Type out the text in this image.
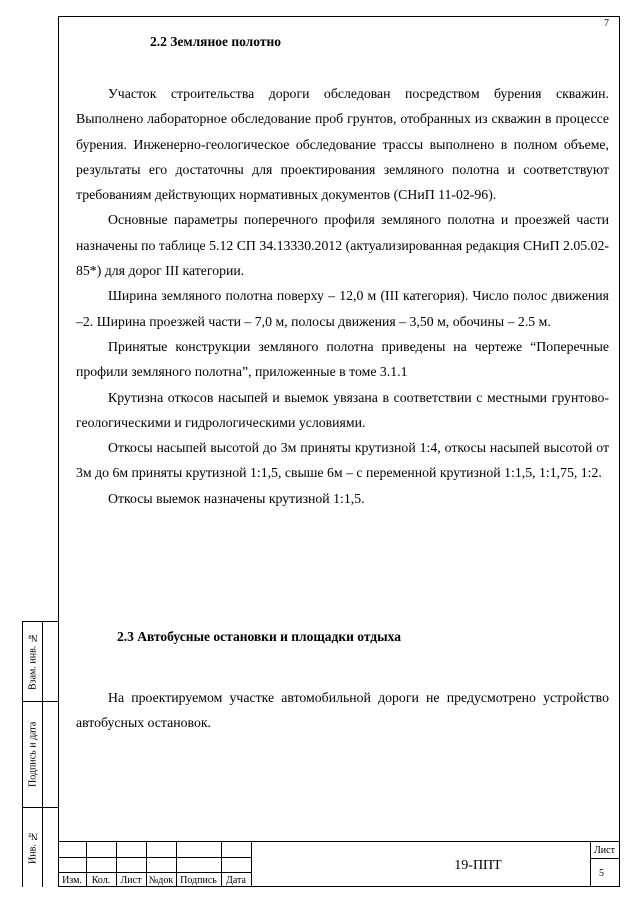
7
2.2 Земляное полотно

Участок строительства дороги обследован посредством бурения скважин. Выполнено лабораторное обследование проб грунтов, отобранных из скважин в процессе бурения. Инженерно-геологическое обследование трассы выполнено в полном объеме, результаты его достаточны для проектирования земляного полотна и соответствуют требованиям действующих нормативных документов (СНиП 11-02-96).

Основные параметры поперечного профиля земляного полотна и проезжей части назначены по таблице 5.12 СП 34.13330.2012 (актуализированная редакция СНиП 2.05.02-85*) для дорог III категории.

Ширина земляного полотна поверху – 12,0 м (III категория). Число полос движения –2. Ширина проезжей части – 7,0 м, полосы движения – 3,50 м, обочины – 2.5 м.

Принятые конструкции земляного полотна приведены на чертеже “Поперечные профили земляного полотна”, приложенные в томе 3.1.1

Крутизна откосов насыпей и выемок увязана в соответствии с местными грунтово-геологическими и гидрологическими условиями.

Откосы насыпей высотой до 3м приняты крутизной 1:4, откосы насыпей высотой от 3м до 6м приняты крутизной 1:1,5, свыше 6м – с переменной крутизной 1:1,5, 1:1,75, 1:2.

Откосы выемок назначены крутизной 1:1,5.

2.3 Автобусные остановки и площадки отдыха

На проектируемом участке автомобильной дороги не предусмотрено устройство автобусных остановок.

Взам. инв. №
Подпись и дата
Инв. №
Изм. Кол.	Лист №док Подпись Дата
19-ППТ
Лист
5
